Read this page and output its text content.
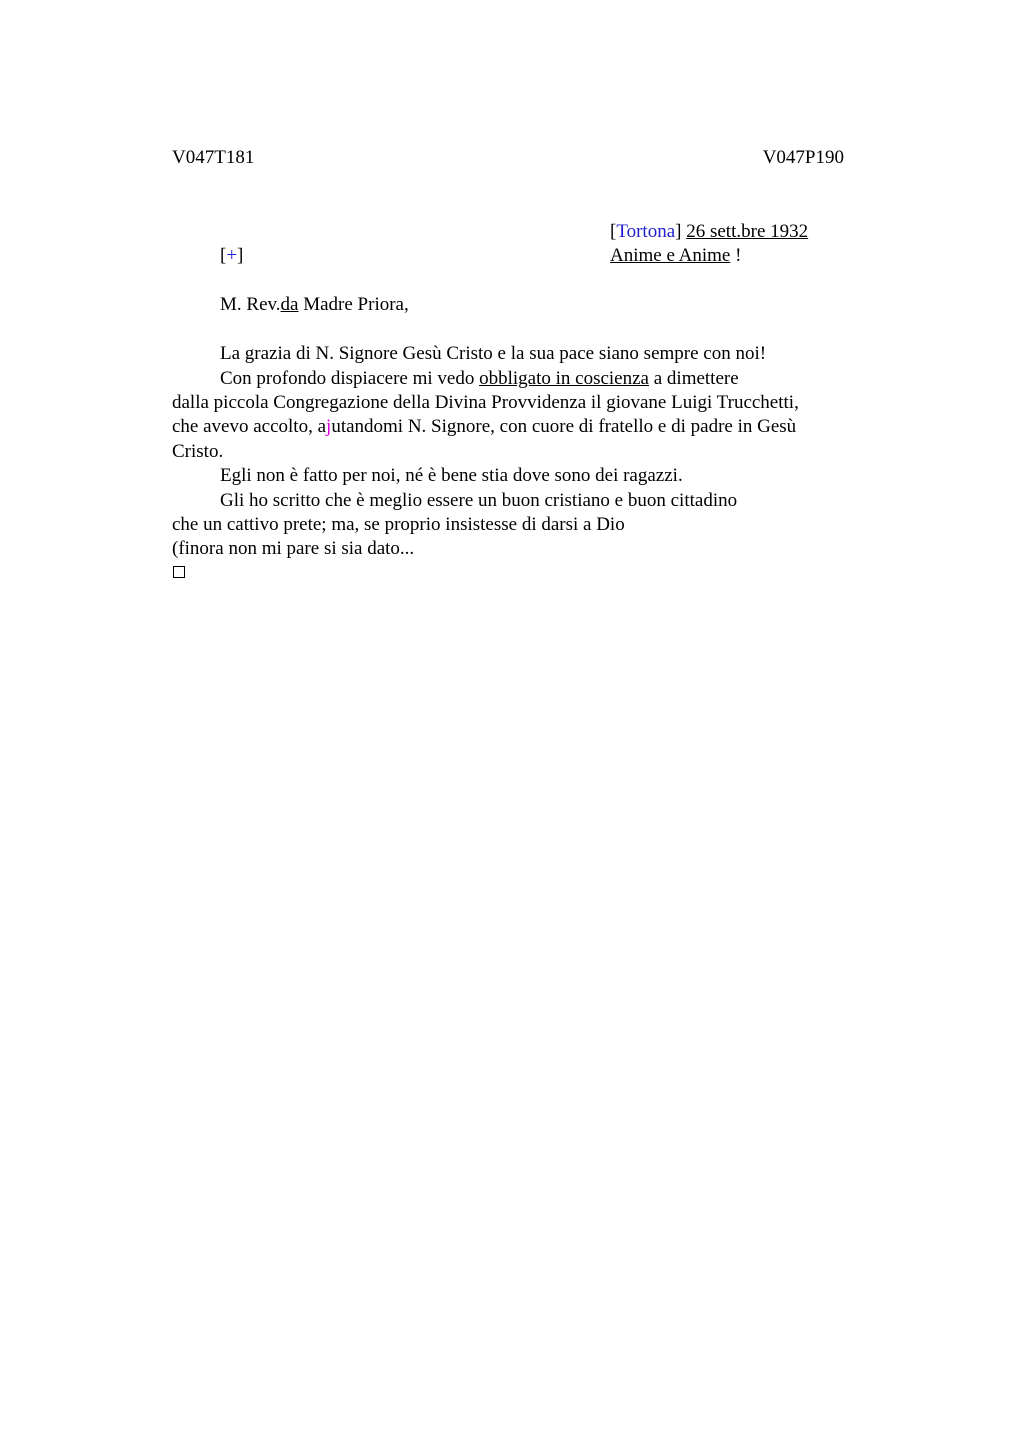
V047T181	V047P190
[Tortona] 26 sett.bre 1932
Anime e Anime !
[+]
M. Rev.da Madre Priora,
La grazia di N. Signore Gesù Cristo e la sua pace siano sempre con noi!
Con profondo dispiacere mi vedo obbligato in coscienza a dimettere
dalla piccola Congregazione della Divina Provvidenza il giovane Luigi Trucchetti,
che avevo accolto, ajutandomi N. Signore, con cuore di fratello e di padre in Gesù
Cristo.
Egli non è fatto per noi, né è bene stia dove sono dei ragazzi.
Gli ho scritto che è meglio essere un buon cristiano e buon cittadino
che un cattivo prete; ma, se proprio insistesse di darsi a Dio
(finora non mi pare si sia dato...
